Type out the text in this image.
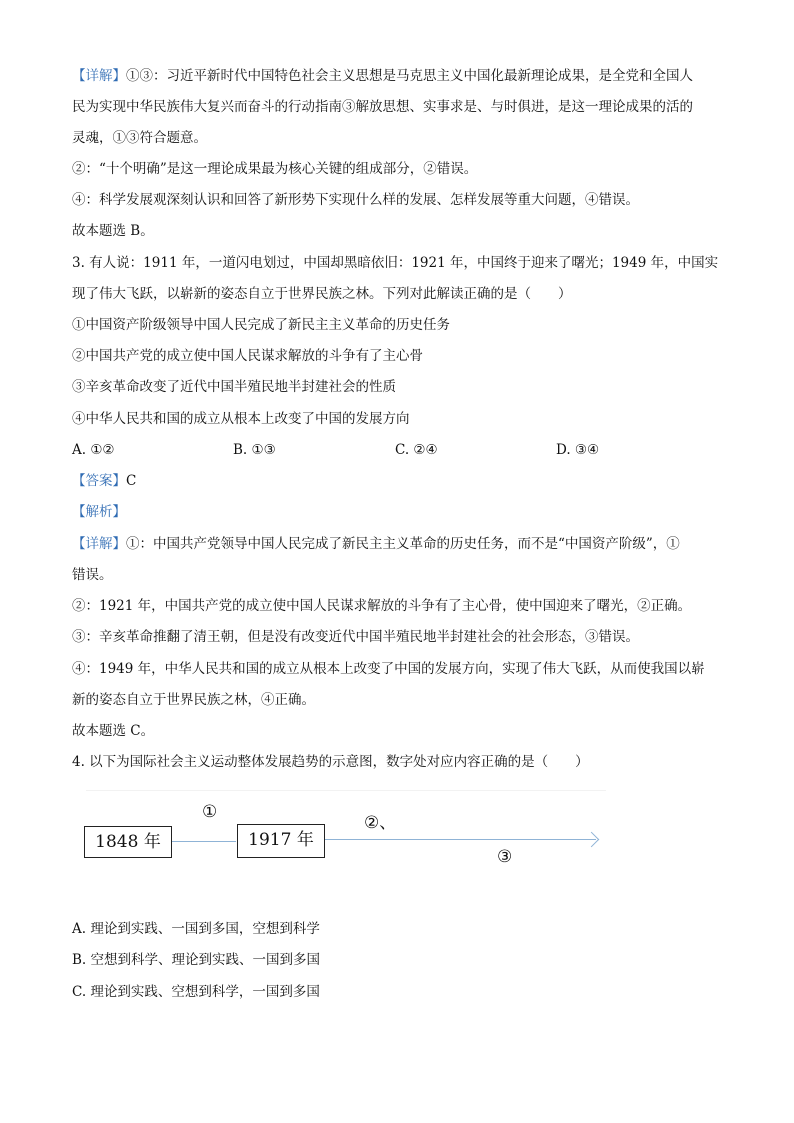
【详解】①③：习近平新时代中国特色社会主义思想是马克思主义中国化最新理论成果，是全党和全国人
民为实现中华民族伟大复兴而奋斗的行动指南③解放思想、实事求是、与时俱进，是这一理论成果的活的
灵魂，①③符合题意。
②：“十个明确”是这一理论成果最为核心关键的组成部分，②错误。
④：科学发展观深刻认识和回答了新形势下实现什么样的发展、怎样发展等重大问题，④错误。
故本题选 B。
3. 有人说：1911 年，一道闪电划过，中国却黑暗依旧：1921 年，中国终于迎来了曙光；1949 年，中国实
现了伟大飞跃，以崭新的姿态自立于世界民族之林。下列对此解读正确的是（　　）
①中国资产阶级领导中国人民完成了新民主主义革命的历史任务
②中国共产党的成立使中国人民谋求解放的斗争有了主心骨
③辛亥革命改变了近代中国半殖民地半封建社会的性质
④中华人民共和国的成立从根本上改变了中国的发展方向
A. ①②	B. ①③	C. ②④	D. ③④
【答案】C
【解析】
【详解】①：中国共产党领导中国人民完成了新民主主义革命的历史任务，而不是“中国资产阶级”，①
错误。
②：1921 年，中国共产党的成立使中国人民谋求解放的斗争有了主心骨，使中国迎来了曙光，②正确。
③：辛亥革命推翻了清王朝，但是没有改变近代中国半殖民地半封建社会的社会形态，③错误。
④：1949 年，中华人民共和国的成立从根本上改变了中国的发展方向，实现了伟大飞跃，从而使我国以崭
新的姿态自立于世界民族之林，④正确。
故本题选 C。
4. 以下为国际社会主义运动整体发展趋势的示意图，数字处对应内容正确的是（　　）
1848 年	1917 年
①
②、
③
A. 理论到实践、一国到多国，空想到科学
B. 空想到科学、理论到实践、一国到多国
C. 理论到实践、空想到科学，一国到多国
